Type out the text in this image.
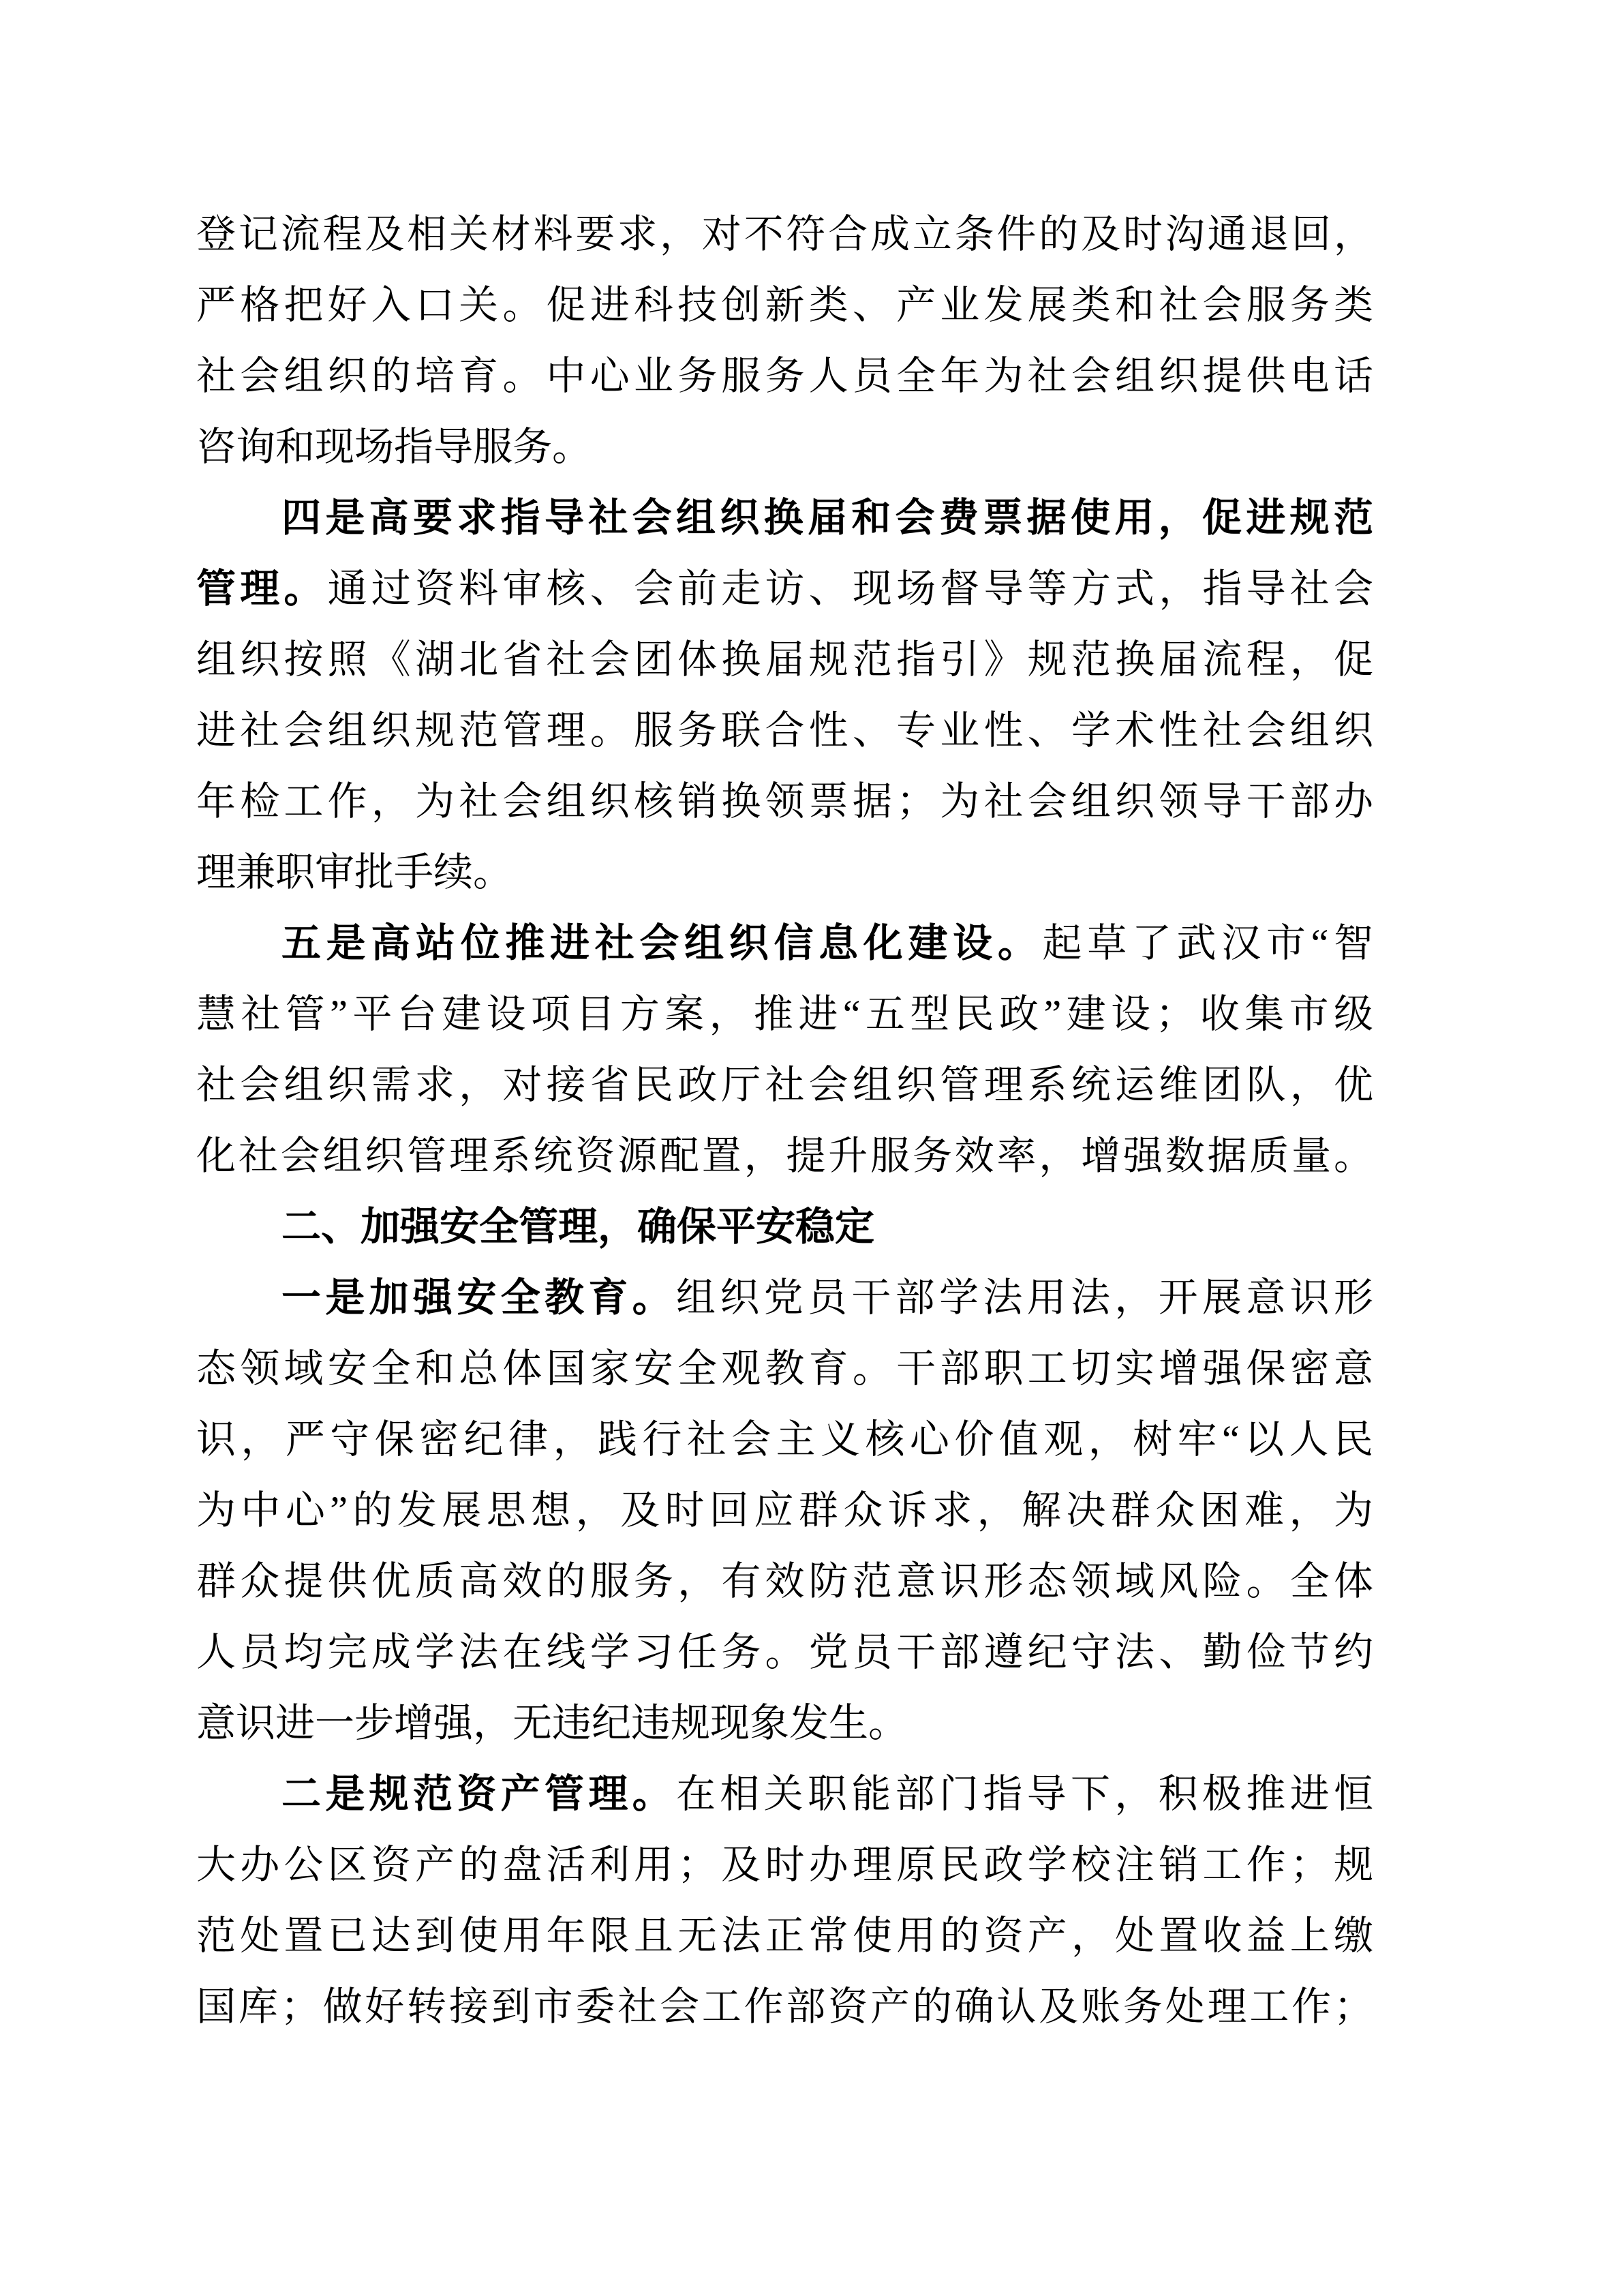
登记流程及相关材料要求，对不符合成立条件的及时沟通退回，
严格把好入口关。促进科技创新类、产业发展类和社会服务类
社会组织的培育。中心业务服务人员全年为社会组织提供电话
咨询和现场指导服务。
四是高要求指导社会组织换届和会费票据使用，促进规范
管理。通过资料审核、会前走访、现场督导等方式，指导社会
组织按照《湖北省社会团体换届规范指引》规范换届流程，促
进社会组织规范管理。服务联合性、专业性、学术性社会组织
年检工作，为社会组织核销换领票据；为社会组织领导干部办
理兼职审批手续。
五是高站位推进社会组织信息化建设。起草了武汉市“智
慧社管”平台建设项目方案，推进“五型民政”建设；收集市级
社会组织需求，对接省民政厅社会组织管理系统运维团队，优
化社会组织管理系统资源配置，提升服务效率，增强数据质量。
二、加强安全管理，确保平安稳定
一是加强安全教育。组织党员干部学法用法，开展意识形
态领域安全和总体国家安全观教育。干部职工切实增强保密意
识，严守保密纪律，践行社会主义核心价值观，树牢“以人民
为中心”的发展思想，及时回应群众诉求，解决群众困难，为
群众提供优质高效的服务，有效防范意识形态领域风险。全体
人员均完成学法在线学习任务。党员干部遵纪守法、勤俭节约
意识进一步增强，无违纪违规现象发生。
二是规范资产管理。在相关职能部门指导下，积极推进恒
大办公区资产的盘活利用；及时办理原民政学校注销工作；规
范处置已达到使用年限且无法正常使用的资产，处置收益上缴
国库；做好转接到市委社会工作部资产的确认及账务处理工作；
